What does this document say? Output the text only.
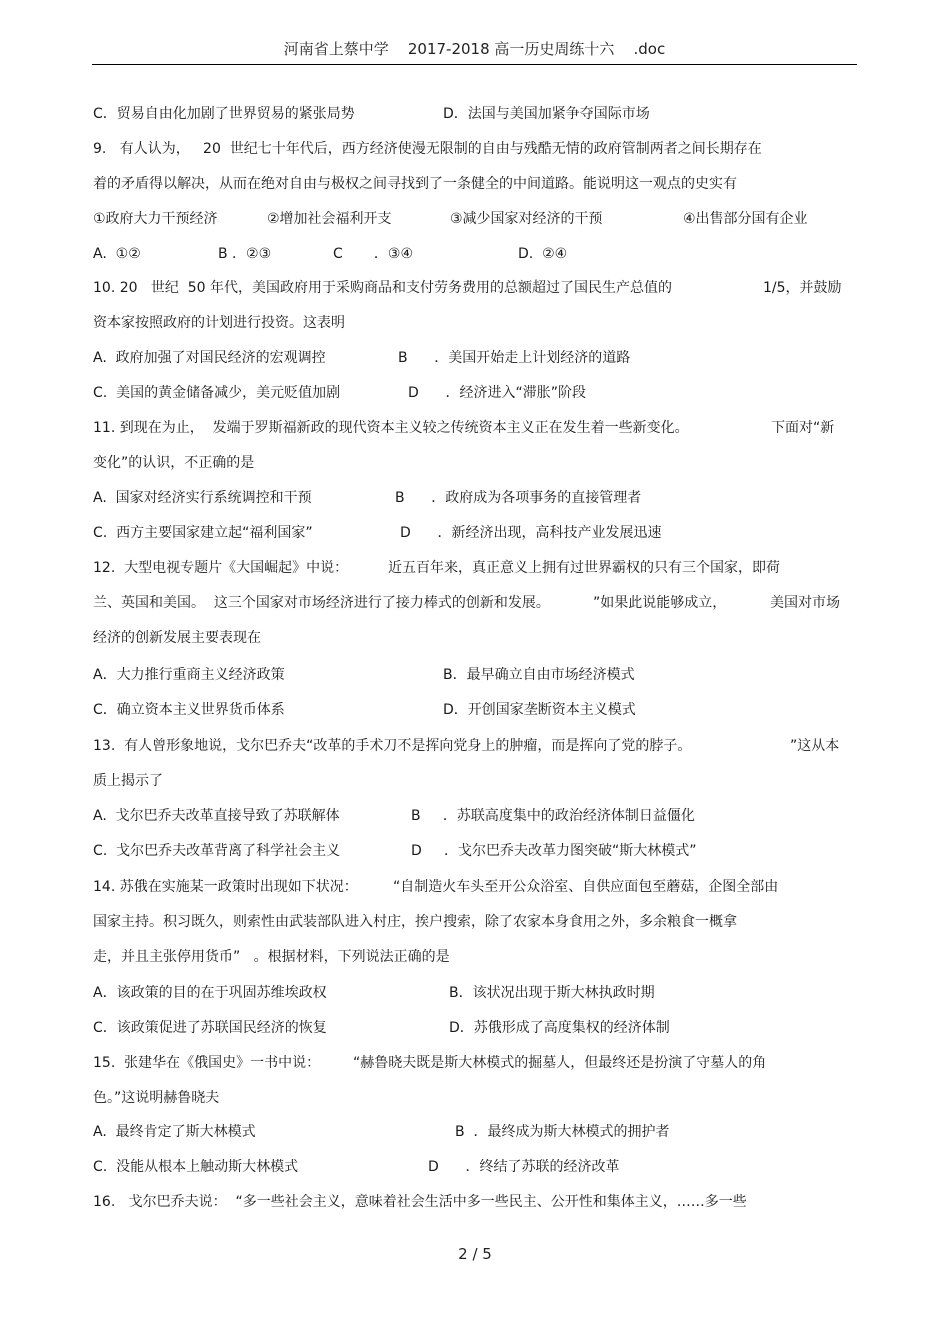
河南省上蔡中学    2017-2018 高一历史周练十六    .doc
C．贸易自由化加剧了世界贸易的紧张局势	D．法国与美国加紧争夺国际市场
9.   有人认为，   20  世纪七十年代后，西方经济使漫无限制的自由与残酷无情的政府管制两者之间长期存在
着的矛盾得以解决，从而在绝对自由与极权之间寻找到了一条健全的中间道路。能说明这一观点的史实有
①政府大力干预经济	②增加社会福利开支	③减少国家对经济的干预	④出售部分国有企业
A.  ①②	B ．②③	C       ．③④	D.  ②④
10. 20   世纪  50 年代，美国政府用于采购商品和支付劳务费用的总额超过了国民生产总值的	1/5，并鼓励
资本家按照政府的计划进行投资。这表明
A.  政府加强了对国民经济的宏观调控	B      ．美国开始走上计划经济的道路
C.  美国的黄金储备减少，美元贬值加剧	D      ．经济进入“滞胀”阶段
11. 到现在为止，  发端于罗斯福新政的现代资本主义较之传统资本主义正在发生着一些新变化。	下面对“新
变化”的认识，不正确的是
A.  国家对经济实行系统调控和干预	B      ．政府成为各项事务的直接管理者
C.  西方主要国家建立起“福利国家”	D      ．新经济出现，高科技产业发展迅速
12.  大型电视专题片《大国崛起》中说：	近五百年来，真正意义上拥有过世界霸权的只有三个国家，即荷
兰、英国和美国。  这三个国家对市场经济进行了接力棒式的创新和发展。	”如果此说能够成立，	美国对市场
经济的创新发展主要表现在
A．大力推行重商主义经济政策	B．最早确立自由市场经济模式
C．确立资本主义世界货币体系	D．开创国家垄断资本主义模式
13.  有人曾形象地说，戈尔巴乔夫“改革的手术刀不是挥向党身上的肿瘤，而是挥向了党的脖子。	”这从本
质上揭示了
A.  戈尔巴乔夫改革直接导致了苏联解体	B     ．苏联高度集中的政治经济体制日益僵化
C.  戈尔巴乔夫改革背离了科学社会主义	D     ．戈尔巴乔夫改革力图突破“斯大林模式”
14. 苏俄在实施某一政策时出现如下状况：	“自制造火车头至开公众浴室、自供应面包至蘑菇，企图全部由
国家主持。积习既久，则索性由武装部队进入村庄，挨户搜索，除了农家本身食用之外，多余粮食一概拿
走，并且主张停用货币”   。根据材料，下列说法正确的是
A．该政策的目的在于巩固苏维埃政权	B．该状况出现于斯大林执政时期
C．该政策促进了苏联国民经济的恢复	D．苏俄形成了高度集权的经济体制
15.  张建华在《俄国史》一书中说： “赫鲁晓夫既是斯大林模式的掘墓人，但最终还是扮演了守墓人的角
色。”这说明赫鲁晓夫
A.  最终肯定了斯大林模式	B  ．最终成为斯大林模式的拥护者
C.  没能从根本上触动斯大林模式	D      ．终结了苏联的经济改革
16.   戈尔巴乔夫说：  “多一些社会主义，意味着社会生活中多一些民主、公开性和集体主义，……多一些
2 / 5
